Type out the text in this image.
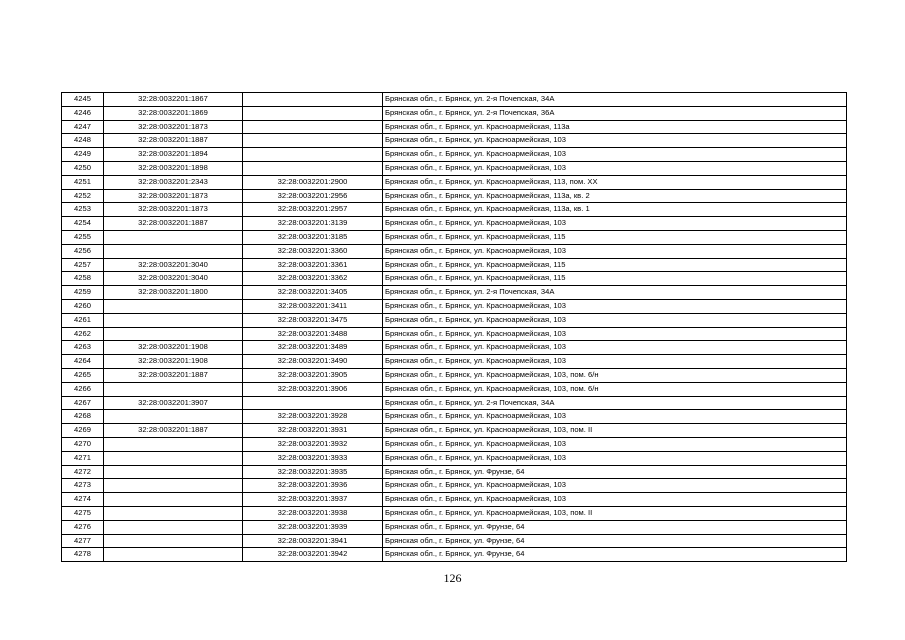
4245	32:28:0032201:1867		Брянская обл., г. Брянск, ул. 2-я Почепская, 34А
4246	32:28:0032201:1869		Брянская обл., г. Брянск, ул. 2-я Почепская, 36А
4247	32:28:0032201:1873		Брянская обл., г. Брянск, ул. Красноармейская, 113а
4248	32:28:0032201:1887		Брянская обл., г. Брянск, ул. Красноармейская, 103
4249	32:28:0032201:1894		Брянская обл., г. Брянск, ул. Красноармейская, 103
4250	32:28:0032201:1898		Брянская обл., г. Брянск, ул. Красноармейская, 103
4251	32:28:0032201:2343	32:28:0032201:2900	Брянская обл., г. Брянск, ул. Красноармейская, 113, пом. XX
4252	32:28:0032201:1873	32:28:0032201:2956	Брянская обл., г. Брянск, ул. Красноармейская, 113а, кв. 2
4253	32:28:0032201:1873	32:28:0032201:2957	Брянская обл., г. Брянск, ул. Красноармейская, 113а, кв. 1
4254	32:28:0032201:1887	32:28:0032201:3139	Брянская обл., г. Брянск, ул. Красноармейская, 103
4255		32:28:0032201:3185	Брянская обл., г. Брянск, ул. Красноармейская, 115
4256		32:28:0032201:3360	Брянская обл., г. Брянск, ул. Красноармейская, 103
4257	32:28:0032201:3040	32:28:0032201:3361	Брянская обл., г. Брянск, ул. Красноармейская, 115
4258	32:28:0032201:3040	32:28:0032201:3362	Брянская обл., г. Брянск, ул. Красноармейская, 115
4259	32:28:0032201:1800	32:28:0032201:3405	Брянская обл., г. Брянск, ул. 2-я Почепская, 34А
4260		32:28:0032201:3411	Брянская обл., г. Брянск, ул. Красноармейская, 103
4261		32:28:0032201:3475	Брянская обл., г. Брянск, ул. Красноармейская, 103
4262		32:28:0032201:3488	Брянская обл., г. Брянск, ул. Красноармейская, 103
4263	32:28:0032201:1908	32:28:0032201:3489	Брянская обл., г. Брянск, ул. Красноармейская, 103
4264	32:28:0032201:1908	32:28:0032201:3490	Брянская обл., г. Брянск, ул. Красноармейская, 103
4265	32:28:0032201:1887	32:28:0032201:3905	Брянская обл., г. Брянск, ул. Красноармейская, 103, пом. 6/н
4266		32:28:0032201:3906	Брянская обл., г. Брянск, ул. Красноармейская, 103, пом. 6/н
4267	32:28:0032201:3907		Брянская обл., г. Брянск, ул. 2-я Почепская, 34А
4268		32:28:0032201:3928	Брянская обл., г. Брянск, ул. Красноармейская, 103
4269	32:28:0032201:1887	32:28:0032201:3931	Брянская обл., г. Брянск, ул. Красноармейская, 103, пом. II
4270		32:28:0032201:3932	Брянская обл., г. Брянск, ул. Красноармейская, 103
4271		32:28:0032201:3933	Брянская обл., г. Брянск, ул. Красноармейская, 103
4272		32:28:0032201:3935	Брянская обл., г. Брянск, ул. Фрунзе, 64
4273		32:28:0032201:3936	Брянская обл., г. Брянск, ул. Красноармейская, 103
4274		32:28:0032201:3937	Брянская обл., г. Брянск, ул. Красноармейская, 103
4275		32:28:0032201:3938	Брянская обл., г. Брянск, ул. Красноармейская, 103, пом. II
4276		32:28:0032201:3939	Брянская обл., г. Брянск, ул. Фрунзе, 64
4277		32:28:0032201:3941	Брянская обл., г. Брянск, ул. Фрунзе, 64
4278		32:28:0032201:3942	Брянская обл., г. Брянск, ул. Фрунзе, 64
126
